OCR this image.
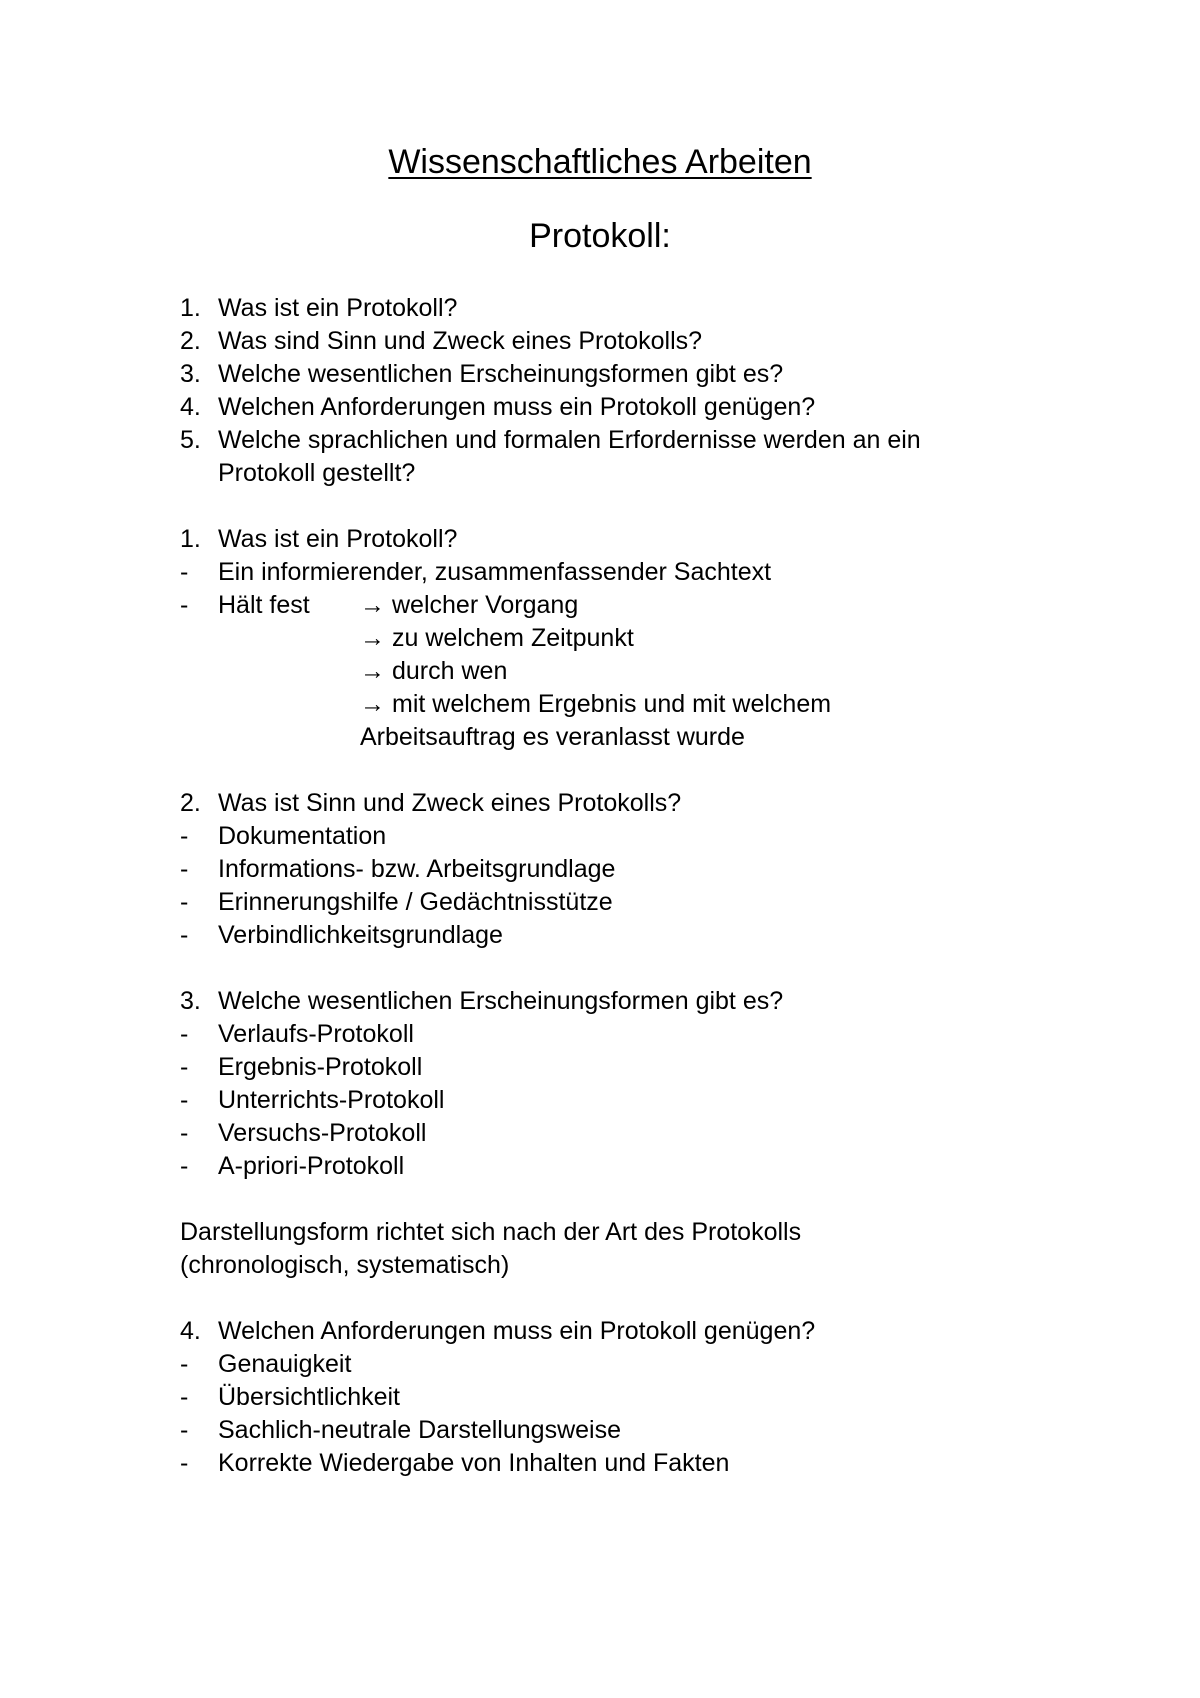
Wissenschaftliches Arbeiten
Protokoll:
1. Was ist ein Protokoll?
2. Was sind Sinn und Zweck eines Protokolls?
3. Welche wesentlichen Erscheinungsformen gibt es?
4. Welchen Anforderungen muss ein Protokoll genügen?
5. Welche sprachlichen und formalen Erfordernisse werden an ein
Protokoll gestellt?
1. Was ist ein Protokoll?
-	Ein informierender, zusammenfassender Sachtext
-	Hält fest → welcher Vorgang
→ zu welchem Zeitpunkt
→ durch wen
→ mit welchem Ergebnis und mit welchem
Arbeitsauftrag es veranlasst wurde
2. Was ist Sinn und Zweck eines Protokolls?
-	Dokumentation
-	Informations- bzw. Arbeitsgrundlage
-	Erinnerungshilfe / Gedächtnisstütze
-	Verbindlichkeitsgrundlage
3. Welche wesentlichen Erscheinungsformen gibt es?
-	Verlaufs-Protokoll
-	Ergebnis-Protokoll
-	Unterrichts-Protokoll
-	Versuchs-Protokoll
-	A-priori-Protokoll
Darstellungsform richtet sich nach der Art des Protokolls
(chronologisch, systematisch)
4. Welchen Anforderungen muss ein Protokoll genügen?
-	Genauigkeit
-	Übersichtlichkeit
-	Sachlich-neutrale Darstellungsweise
-	Korrekte Wiedergabe von Inhalten und Fakten
